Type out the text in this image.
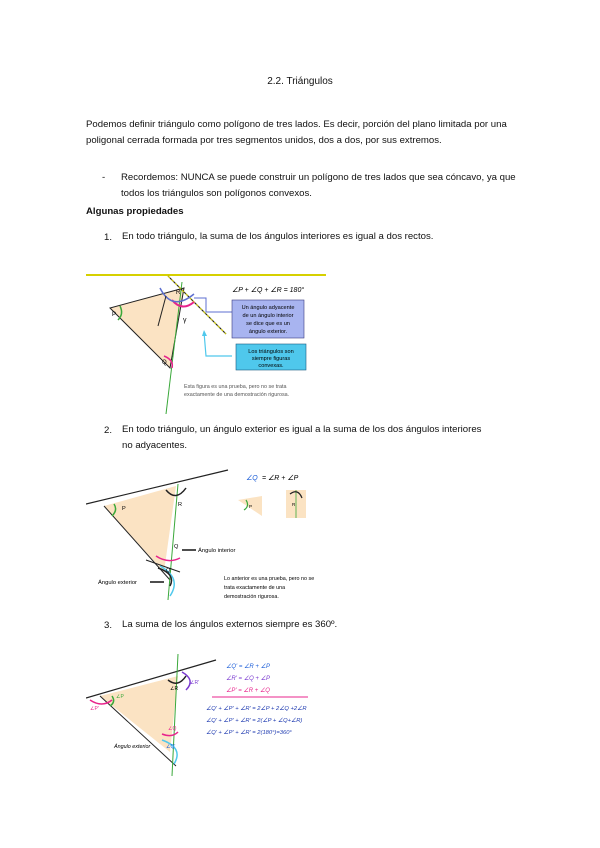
2.2. Triángulos
Podemos definir triángulo como polígono de tres lados. Es decir, porción del plano limitada por una poligonal cerrada formada por tres segmentos unidos, dos a dos, por sus extremos.
- Recordemos: NUNCA se puede construir un polígono de tres lados que sea cóncavo, ya que todos los triángulos son polígonos convexos.
Algunas propiedades
1. En todo triángulo, la suma de los ángulos interiores es igual a dos rectos.
P
Q
R
γ
∠P + ∠Q + ∠R = 180°
Un ángulo adyacente
de un ángulo interior
se dice que es un
ángulo exterior.
Los triángulos son
siempre figuras
convexas.
Esta figura es una prueba, pero no se trata
exactamente de una demostración rigurosa.
2. En todo triángulo, un ángulo exterior es igual a la suma de los dos ángulos interiores no adyacentes.
R
P
Q
Q'
Ángulo interior
Ángulo exterior
Lo anterior es una prueba, pero no se
trata exactamente de una
demostración rigurosa.
∠Q = ∠R + ∠P
P	R
3. La suma de los ángulos externos siempre es 360º.
∠P'
∠P
∠R
∠R'
∠Q
∠Q'
Ángulo exterior
∠Q' = ∠R + ∠P
∠R' = ∠Q + ∠P
∠P' = ∠R + ∠Q
∠Q' + ∠P' + ∠R' = 2∠P + 2∠Q +2∠R
∠Q' + ∠P' + ∠R' = 2(∠P + ∠Q+∠R)
∠Q' + ∠P' + ∠R' = 2(180°)=360°
